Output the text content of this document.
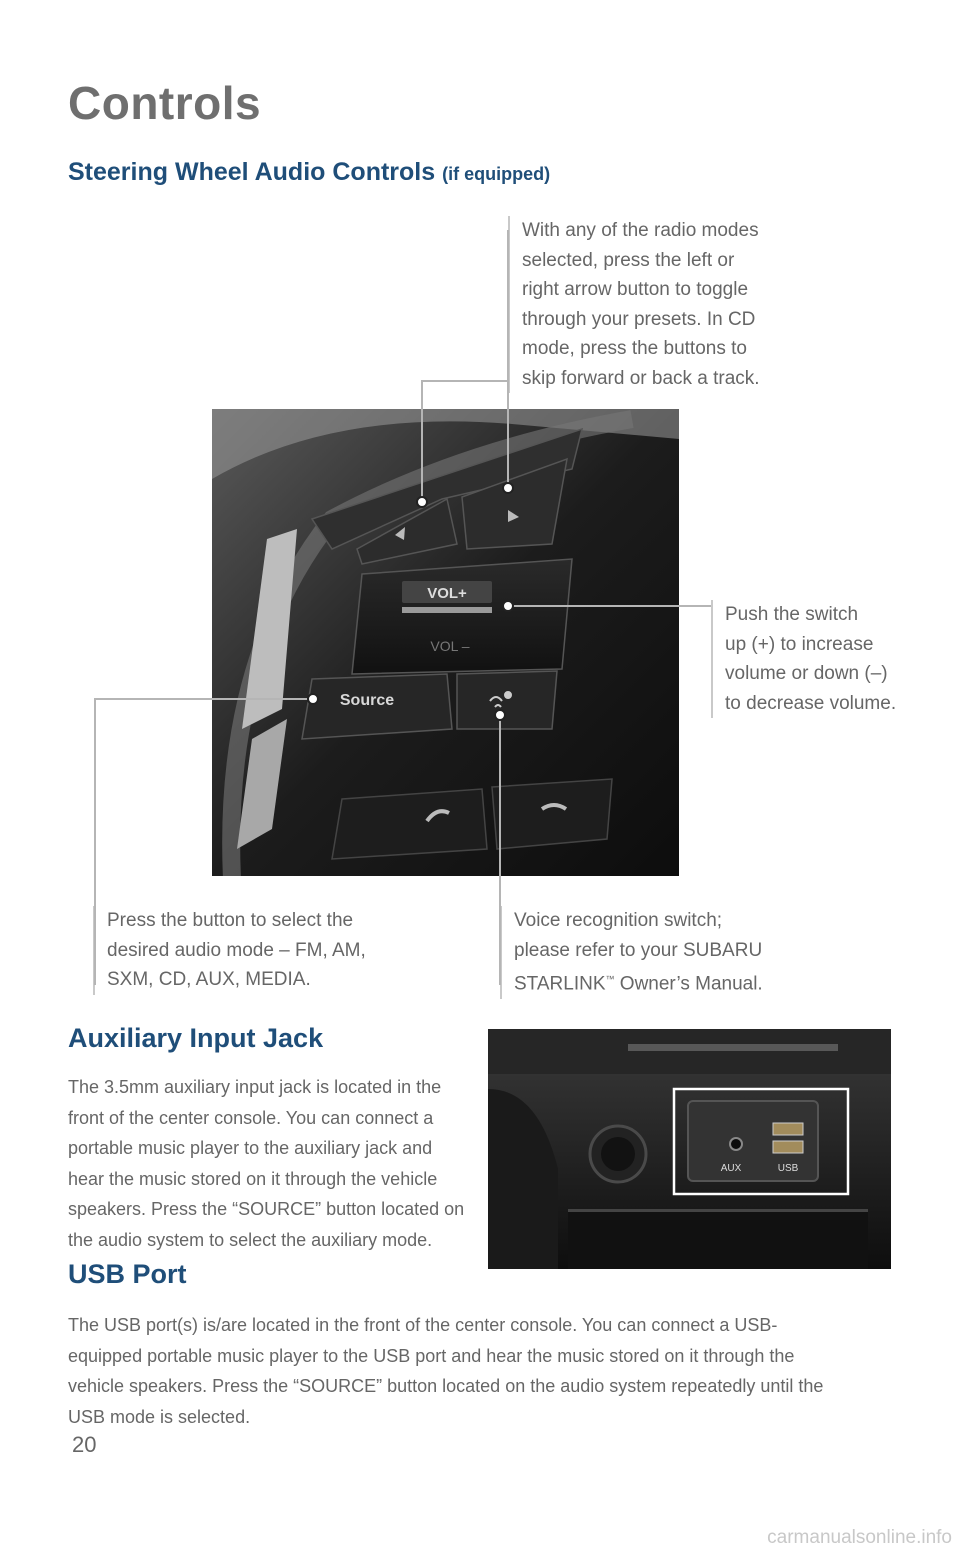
Controls
Steering Wheel Audio Controls (if equipped)
With any of the radio modes
selected, press the left or
right arrow button to toggle
through your presets. In CD
mode, press the buttons to
skip forward or back a track.
Push the switch
up (+) to increase
volume or down (–)
to decrease volume.
Press the button to select the
desired audio mode – FM, AM,
SXM, CD, AUX, MEDIA.
Voice recognition switch;
please refer to your SUBARU
STARLINK™ Owner’s Manual.
VOL+
VOL –
Source
Auxiliary Input Jack

The 3.5mm auxiliary input jack is located in the front of the center console. You can connect a portable music player to the auxiliary jack and hear the music stored on it through the vehicle speakers. Press the “SOURCE” button located on the audio system to select the auxiliary mode.

AUX	USB
USB Port

The USB port(s) is/are located in the front of the center console. You can connect a USB-equipped portable music player to the USB port and hear the music stored on it through the vehicle speakers. Press the “SOURCE” button located on the audio system repeatedly until the USB mode is selected.

20
carmanualsonline.info
